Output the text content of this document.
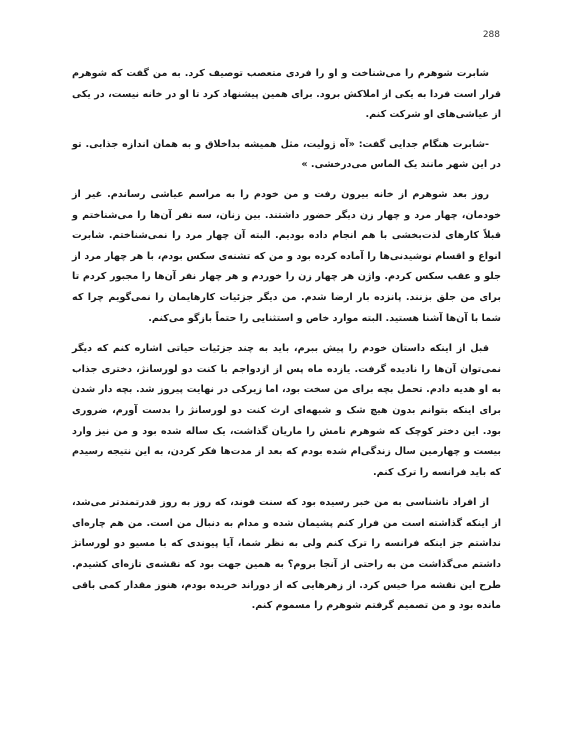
288

شابرت شوهرم را می‌شناخت و او را فردی متعصب توصیف کرد. به من گفت که شوهرم قرار است فردا به یکی از املاکش برود. برای همین پیشنهاد کرد تا او در خانه نیست، در یکی از عیاشی‌های او شرکت کنم.

-شابرت هنگام جدایی گفت: «آه ژولیت، مثل همیشه بداخلاق و به همان اندازه جذابی. تو در این شهر مانند یک الماس می‌درخشی. »

روز بعد شوهرم از خانه بیرون رفت و من خودم را به مراسم عیاشی رساندم. غیر از خودمان، چهار مرد و چهار زن دیگر حضور داشتند. بین زنان، سه نفر آن‌ها را می‌شناختم و قبلاً کارهای لذت‌بخشی با هم انجام داده بودیم. البته آن چهار مرد را نمی‌شناختم. شابرت انواع و اقسام نوشیدنی‌ها را آماده کرده بود و من که تشنه‌ی سکس بودم، با هر چهار مرد از جلو و عقب سکس کردم. واژن هر چهار زن را خوردم و هر چهار نفر آن‌ها را مجبور کردم تا برای من جلق بزنند. پانزده بار ارضا شدم. من دیگر جزئیات کارهایمان را نمی‌گویم چرا که شما با آن‌ها آشنا هستید. البته موارد خاص و استثنایی را حتماً بازگو می‌کنم.

قبل از اینکه داستان خودم را پیش ببرم، باید به چند جزئیات حیاتی اشاره کنم که دیگر نمی‌توان آن‌ها را نادیده گرفت. یازده ماه پس از ازدواجم با کنت دو لورسانژ، دختری جذاب به او هدیه دادم. تحمل بچه برای من سخت بود، اما زیرکی در نهایت پیروز شد. بچه دار شدن برای اینکه بتوانم بدون هیچ شک و شبهه‌ای ارث کنت دو لورسانژ را بدست آورم، ضروری بود. این دختر کوچک که شوهرم نامش را ماریان گذاشت، یک ساله شده بود و من نیز وارد بیست و چهارمین سال زندگی‌ام شده بودم که بعد از مدت‌ها فکر کردن، به این نتیجه رسیدم که باید فرانسه را ترک کنم.

از افراد ناشناسی به من خبر رسیده بود که سنت فوند، که روز به روز قدرتمندتر می‌شد، از اینکه گذاشته است من فرار کنم پشیمان شده و مدام به دنبال من است. من هم چاره‌ای نداشتم جز اینکه فرانسه را ترک کنم ولی به نظر شما، آیا پیوندی که با مسیو دو لورسانژ داشتم می‌گذاشت من به راحتی از آنجا بروم؟ به همین جهت بود که نقشه‌ی تازه‌ای کشیدم. طرح این نقشه مرا خیس کرد. از زهرهایی که از دوراند خریده بودم، هنوز مقدار کمی باقی مانده بود و من تصمیم گرفتم شوهرم را مسموم کنم.
